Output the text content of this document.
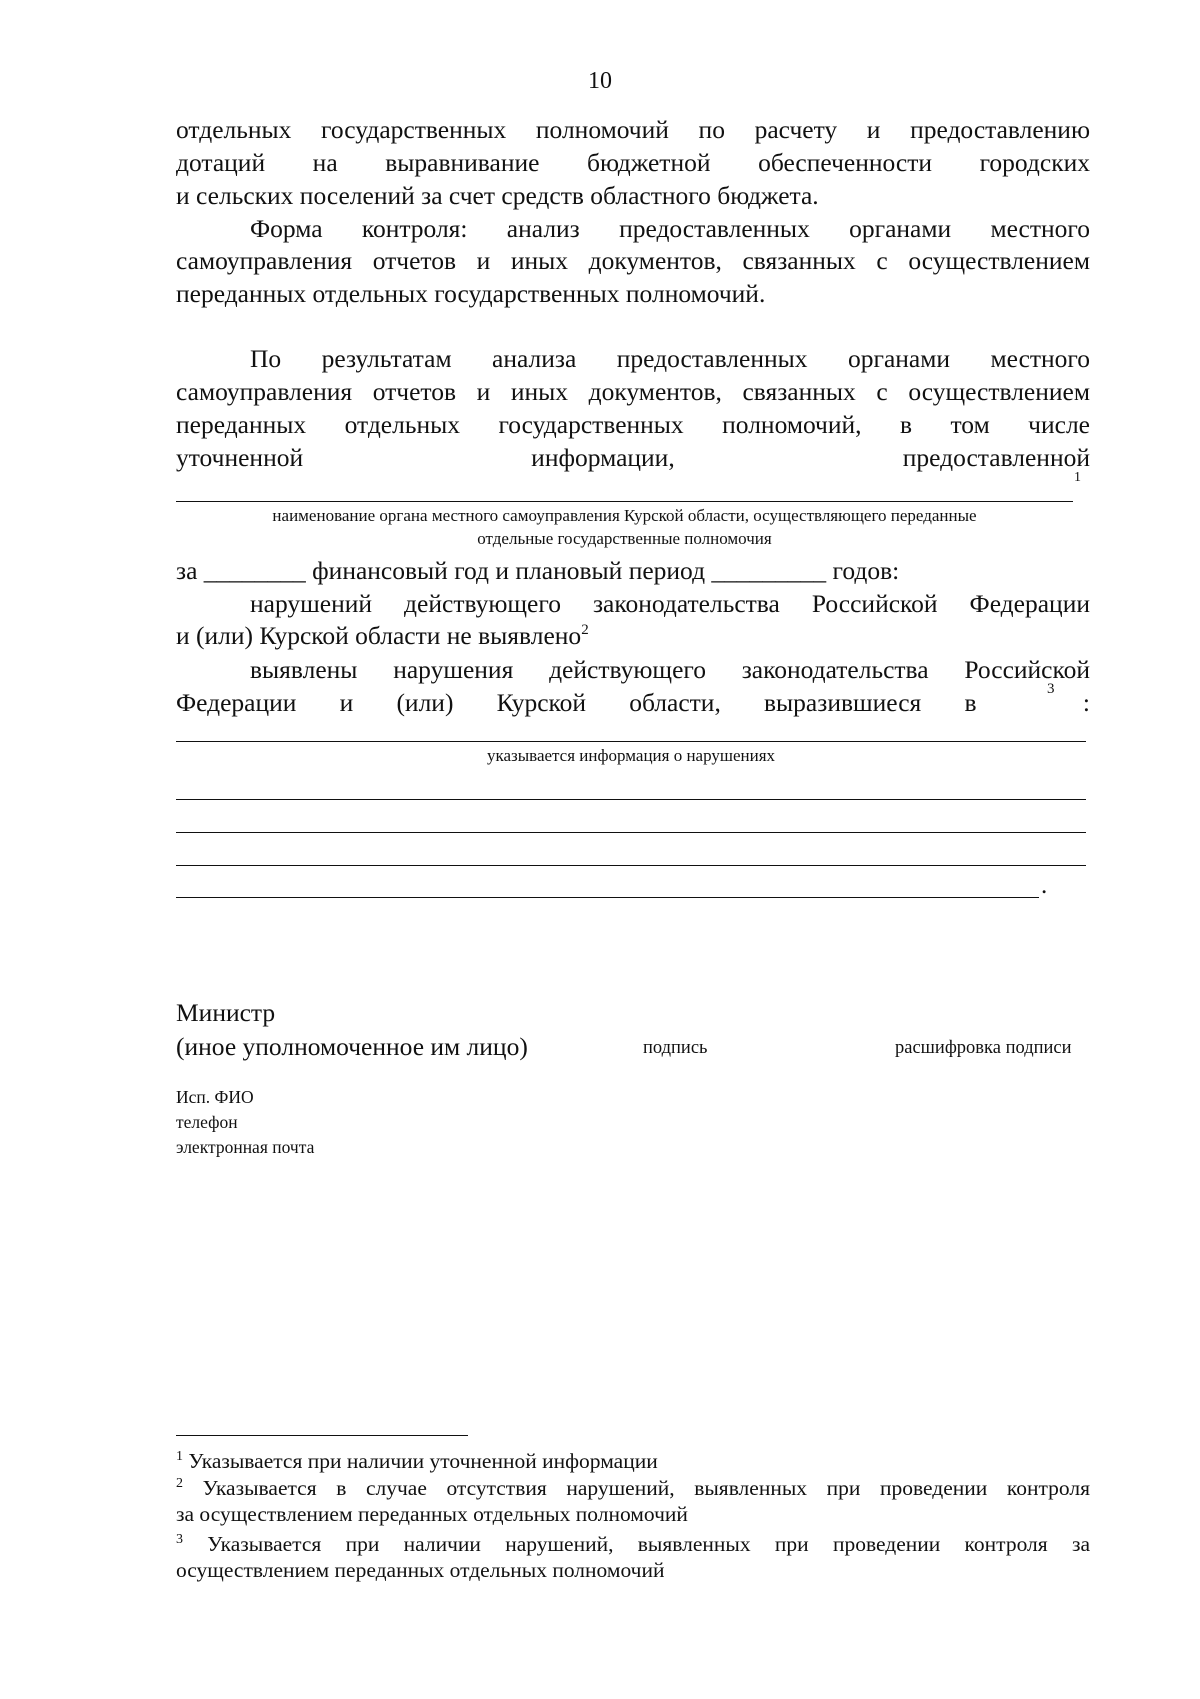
10
отдельных государственных полномочий по расчету и предоставлению
дотаций на выравнивание бюджетной обеспеченности городских
и сельских поселений за счет средств областного бюджета.
Форма контроля: анализ предоставленных органами местного
самоуправления отчетов и иных документов, связанных с осуществлением
переданных отдельных государственных полномочий.
По результатам анализа предоставленных органами местного
самоуправления отчетов и иных документов, связанных с осуществлением
переданных отдельных государственных полномочий, в том числе
уточненной	информации,	предоставленной
1
наименование органа местного самоуправления Курской области, осуществляющего переданные
отдельные государственные полномочия
за ________ финансовый год и плановый период _________ годов:
нарушений действующего законодательства Российской Федерации
и (или) Курской области не выявлено$^2$
выявлены нарушения действующего законодательства Российской
Федерации и (или) Курской области, выразившиеся в	:
3
указывается информация о нарушениях
.
Министр
(иное уполномоченное им лицо)	подпись	расшифровка подписи
Исп. ФИО
телефон
электронная почта
$^1$ Указывается при наличии уточненной информации
$^2$ Указывается в случае отсутствия нарушений, выявленных при проведении контроля
за осуществлением переданных отдельных полномочий
$^3$ Указывается при наличии нарушений, выявленных при проведении контроля за
осуществлением переданных отдельных полномочий
